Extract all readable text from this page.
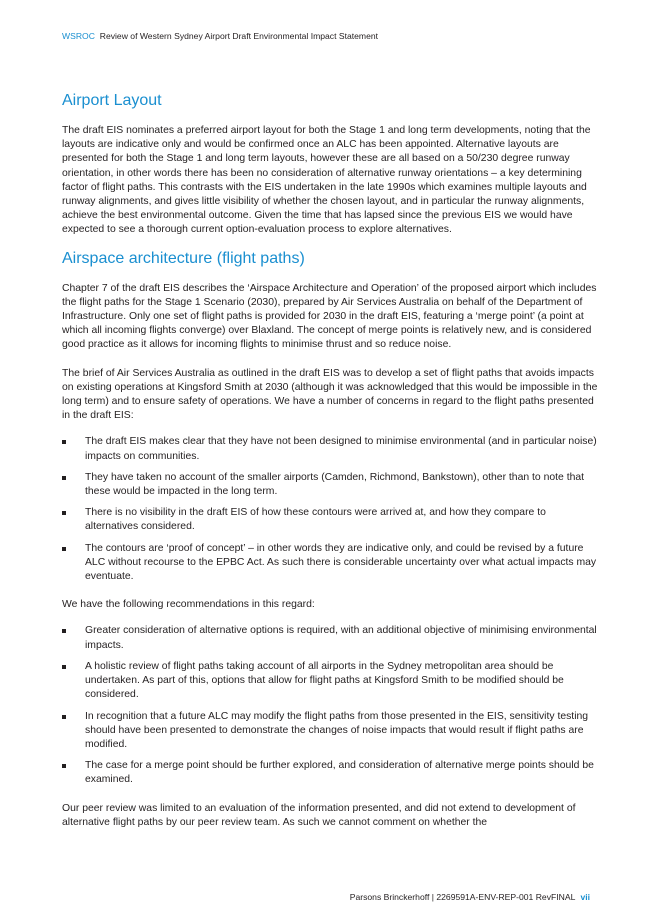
WSROC Review of Western Sydney Airport Draft Environmental Impact Statement
Airport Layout

The draft EIS nominates a preferred airport layout for both the Stage 1 and long term developments, noting that the layouts are indicative only and would be confirmed once an ALC has been appointed. Alternative layouts are presented for both the Stage 1 and long term layouts, however these are all based on a 50/230 degree runway orientation, in other words there has been no consideration of alternative runway orientations – a key determining factor of flight paths. This contrasts with the EIS undertaken in the late 1990s which examines multiple layouts and runway alignments, and gives little visibility of whether the chosen layout, and in particular the runway alignments, achieve the best environmental outcome. Given the time that has lapsed since the previous EIS we would have expected to see a thorough current option-evaluation process to explore alternatives.

Airspace architecture (flight paths)

Chapter 7 of the draft EIS describes the ‘Airspace Architecture and Operation’ of the proposed airport which includes the flight paths for the Stage 1 Scenario (2030), prepared by Air Services Australia on behalf of the Department of Infrastructure. Only one set of flight paths is provided for 2030 in the draft EIS, featuring a ‘merge point’ (a point at which all incoming flights converge) over Blaxland. The concept of merge points is relatively new, and is considered good practice as it allows for incoming flights to minimise thrust and so reduce noise.

The brief of Air Services Australia as outlined in the draft EIS was to develop a set of flight paths that avoids impacts on existing operations at Kingsford Smith at 2030 (although it was acknowledged that this would be impossible in the long term) and to ensure safety of operations. We have a number of concerns in regard to the flight paths presented in the draft EIS:

The draft EIS makes clear that they have not been designed to minimise environmental (and in particular noise) impacts on communities.
They have taken no account of the smaller airports (Camden, Richmond, Bankstown), other than to note that these would be impacted in the long term.
There is no visibility in the draft EIS of how these contours were arrived at, and how they compare to alternatives considered.
The contours are ‘proof of concept’ – in other words they are indicative only, and could be revised by a future ALC without recourse to the EPBC Act. As such there is considerable uncertainty over what actual impacts may eventuate.

We have the following recommendations in this regard:

Greater consideration of alternative options is required, with an additional objective of minimising environmental impacts.
A holistic review of flight paths taking account of all airports in the Sydney metropolitan area should be undertaken. As part of this, options that allow for flight paths at Kingsford Smith to be modified should be considered.
In recognition that a future ALC may modify the flight paths from those presented in the EIS, sensitivity testing should have been presented to demonstrate the changes of noise impacts that would result if flight paths are modified.
The case for a merge point should be further explored, and consideration of alternative merge points should be examined.

Our peer review was limited to an evaluation of the information presented, and did not extend to development of alternative flight paths by our peer review team. As such we cannot comment on whether the

Parsons Brinckerhoff | 2269591A-ENV-REP-001 RevFINAL vii
